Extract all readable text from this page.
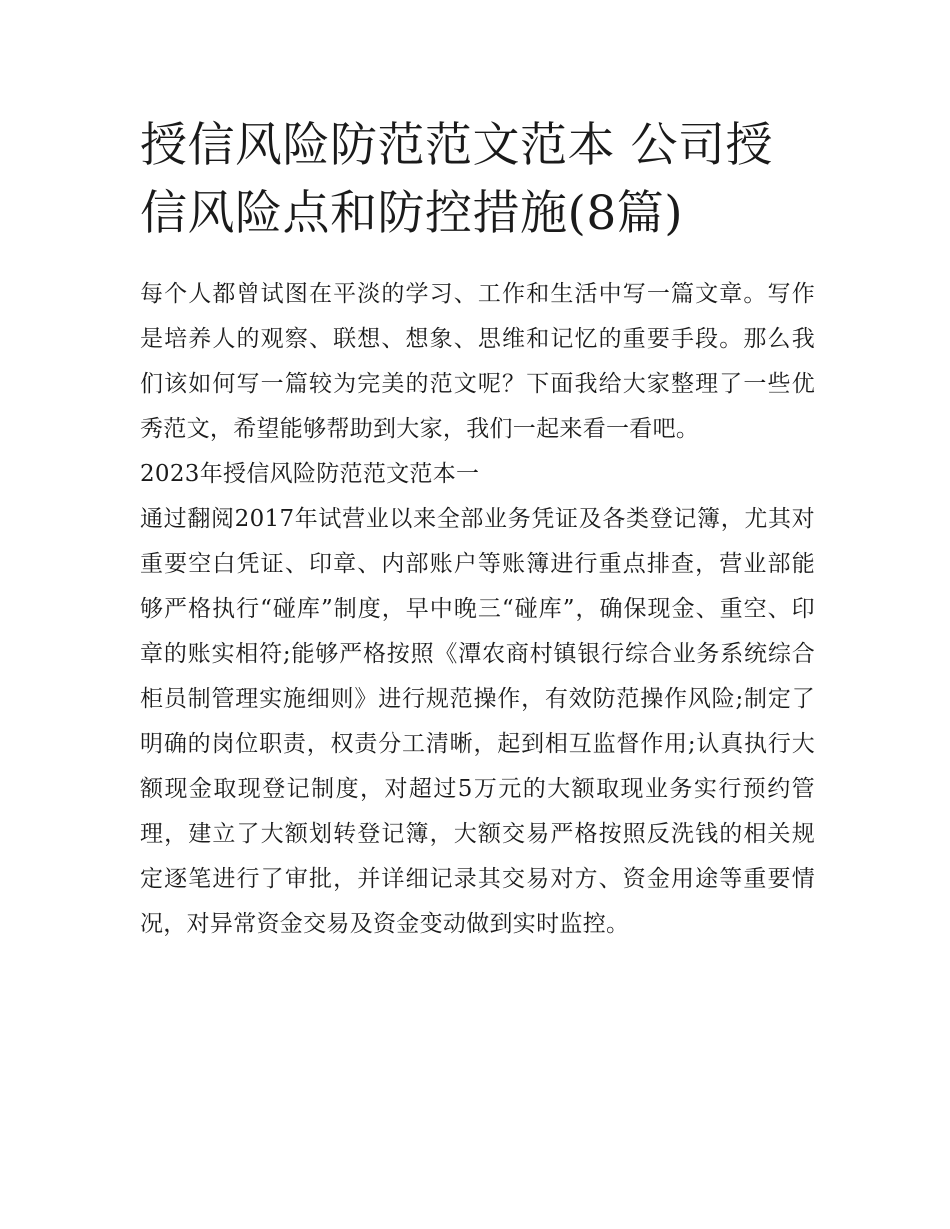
授信风险防范范文范本 公司授信风险点和防控措施(8篇)

每个人都曾试图在平淡的学习、工作和生活中写一篇文章。写作是培养人的观察、联想、想象、思维和记忆的重要手段。那么我们该如何写一篇较为完美的范文呢？下面我给大家整理了一些优秀范文，希望能够帮助到大家，我们一起来看一看吧。

2023年授信风险防范范文范本一

通过翻阅2017年试营业以来全部业务凭证及各类登记簿，尤其对重要空白凭证、印章、内部账户等账簿进行重点排查，营业部能够严格执行“碰库”制度，早中晚三“碰库”，确保现金、重空、印章的账实相符;能够严格按照《潭农商村镇银行综合业务系统综合柜员制管理实施细则》进行规范操作，有效防范操作风险;制定了明确的岗位职责，权责分工清晰，起到相互监督作用;认真执行大额现金取现登记制度，对超过5万元的大额取现业务实行预约管理，建立了大额划转登记簿，大额交易严格按照反洗钱的相关规定逐笔进行了审批，并详细记录其交易对方、资金用途等重要情况，对异常资金交易及资金变动做到实时监控。
